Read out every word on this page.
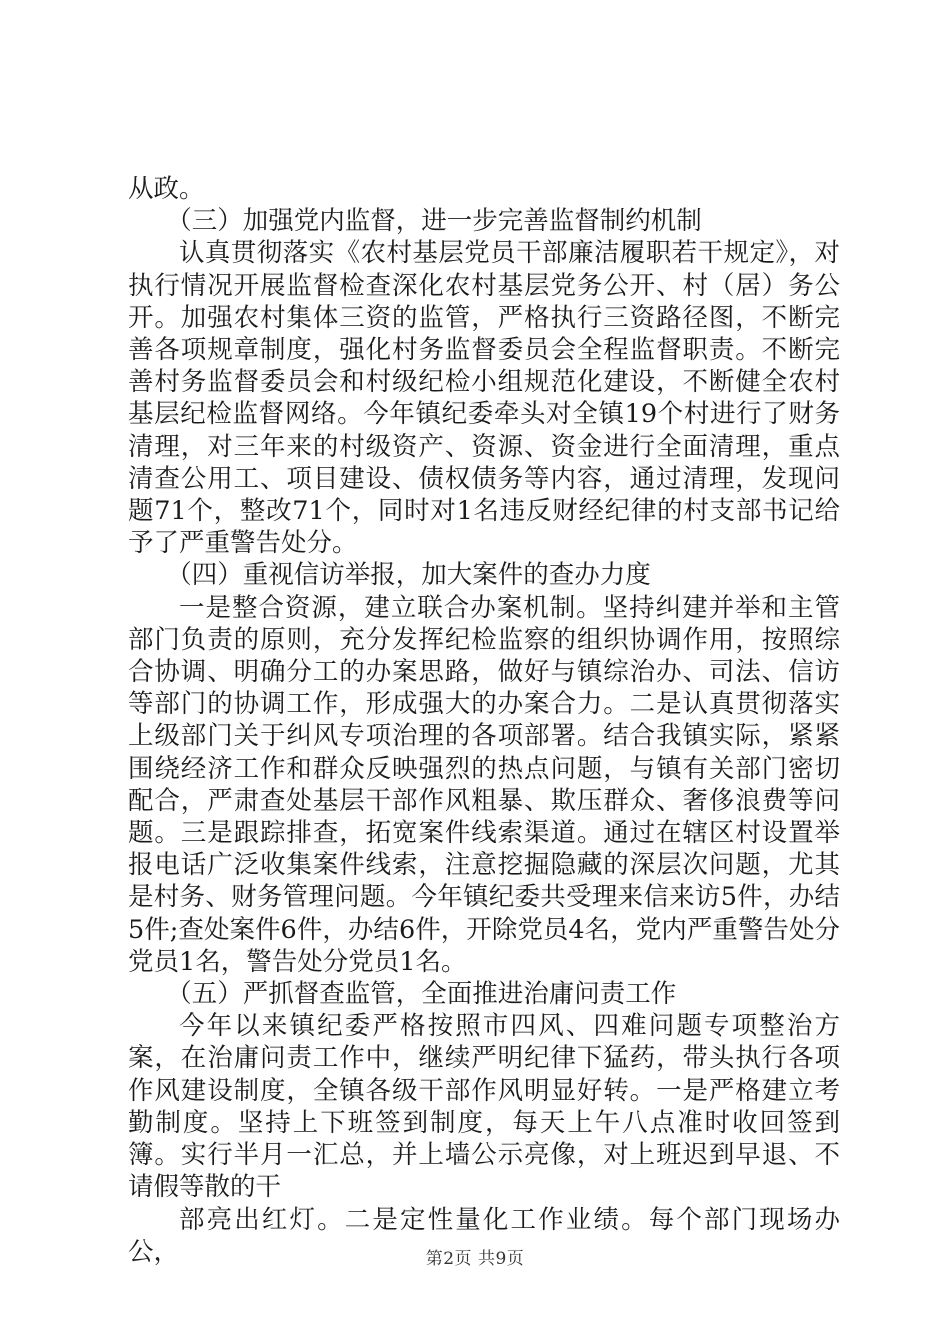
从政。

（三）加强党内监督，进一步完善监督制约机制

认真贯彻落实《农村基层党员干部廉洁履职若干规定》，对执行情况开展监督检查深化农村基层党务公开、村（居）务公开。加强农村集体三资的监管，严格执行三资路径图，不断完善各项规章制度，强化村务监督委员会全程监督职责。不断完善村务监督委员会和村级纪检小组规范化建设，不断健全农村基层纪检监督网络。今年镇纪委牵头对全镇19个村进行了财务清理，对三年来的村级资产、资源、资金进行全面清理，重点清查公用工、项目建设、债权债务等内容，通过清理，发现问题71个，整改71个，同时对1名违反财经纪律的村支部书记给予了严重警告处分。

（四）重视信访举报，加大案件的查办力度

一是整合资源，建立联合办案机制。坚持纠建并举和主管部门负责的原则，充分发挥纪检监察的组织协调作用，按照综合协调、明确分工的办案思路，做好与镇综治办、司法、信访等部门的协调工作，形成强大的办案合力。二是认真贯彻落实上级部门关于纠风专项治理的各项部署。结合我镇实际，紧紧围绕经济工作和群众反映强烈的热点问题，与镇有关部门密切配合，严肃查处基层干部作风粗暴、欺压群众、奢侈浪费等问题。三是跟踪排查，拓宽案件线索渠道。通过在辖区村设置举报电话广泛收集案件线索，注意挖掘隐藏的深层次问题，尤其是村务、财务管理问题。今年镇纪委共受理来信来访5件，办结5件;查处案件6件，办结6件，开除党员4名，党内严重警告处分党员1名，警告处分党员1名。

（五）严抓督查监管，全面推进治庸问责工作

今年以来镇纪委严格按照市四风、四难问题专项整治方案，在治庸问责工作中，继续严明纪律下猛药，带头执行各项作风建设制度，全镇各级干部作风明显好转。一是严格建立考勤制度。坚持上下班签到制度，每天上午八点准时收回签到簿。实行半月一汇总，并上墙公示亮像，对上班迟到早退、不请假等散的干

部亮出红灯。二是定性量化工作业绩。每个部门现场办公，	第2页 共9页
